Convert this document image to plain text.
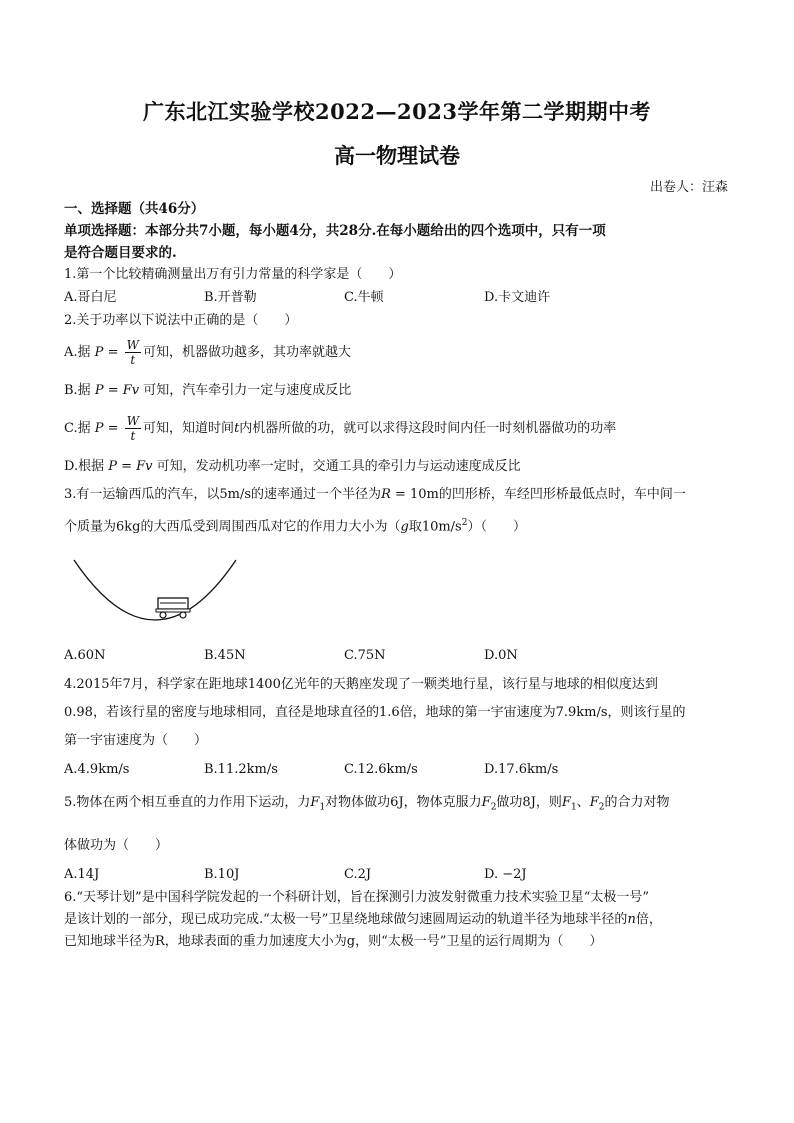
广东北江实验学校2022—2023学年第二学期期中考
高一物理试卷
出卷人：汪森
一、选择题（共46分）
单项选择题：本部分共7小题，每小题4分，共28分.在每小题给出的四个选项中，只有一项
是符合题目要求的.
1.第一个比较精确测量出万有引力常量的科学家是（　　）
A.哥白尼	B.开普勒	C.牛顿	D.卡文迪许
2.关于功率以下说法中正确的是（　　）
A.据 $P = \frac{W}{t}$ 可知，机器做功越多，其功率就越大
B.据 P = Fv 可知，汽车牵引力一定与速度成反比
C.据 $P = \frac{W}{t}$ 可知，知道时间t内机器所做的功，就可以求得这段时间内任一时刻机器做功的功率
D.根据 P = Fv 可知，发动机功率一定时，交通工具的牵引力与运动速度成反比
3.有一运输西瓜的汽车，以5m/s的速率通过一个半径为R = 10m的凹形桥，车经凹形桥最低点时，车中间一
个质量为6kg的大西瓜受到周围西瓜对它的作用力大小为（g取$10m/s^2$）（　　）
A.60N	B.45N	C.75N	D.0N
4.2015年7月，科学家在距地球1400亿光年的天鹅座发现了一颗类地行星，该行星与地球的相似度达到
0.98，若该行星的密度与地球相同，直径是地球直径的1.6倍，地球的第一宇宙速度为7.9km/s，则该行星的
第一宇宙速度为（　　）
A.4.9km/s	B.11.2km/s	C.12.6km/s	D.17.6km/s
5.物体在两个相互垂直的力作用下运动，力$F_1$对物体做功6J，物体克服力$F_2$做功8J，则$F_1$、$F_2$的合力对物
体做功为（　　）
A.14J	B.10J	C.2J	D. −2J
6.“天琴计划”是中国科学院发起的一个科研计划，旨在探测引力波发射微重力技术实验卫星“太极一号”
是该计划的一部分，现已成功完成.“太极一号”卫星绕地球做匀速圆周运动的轨道半径为地球半径的n倍，
已知地球半径为R，地球表面的重力加速度大小为g，则“太极一号”卫星的运行周期为（　　）
